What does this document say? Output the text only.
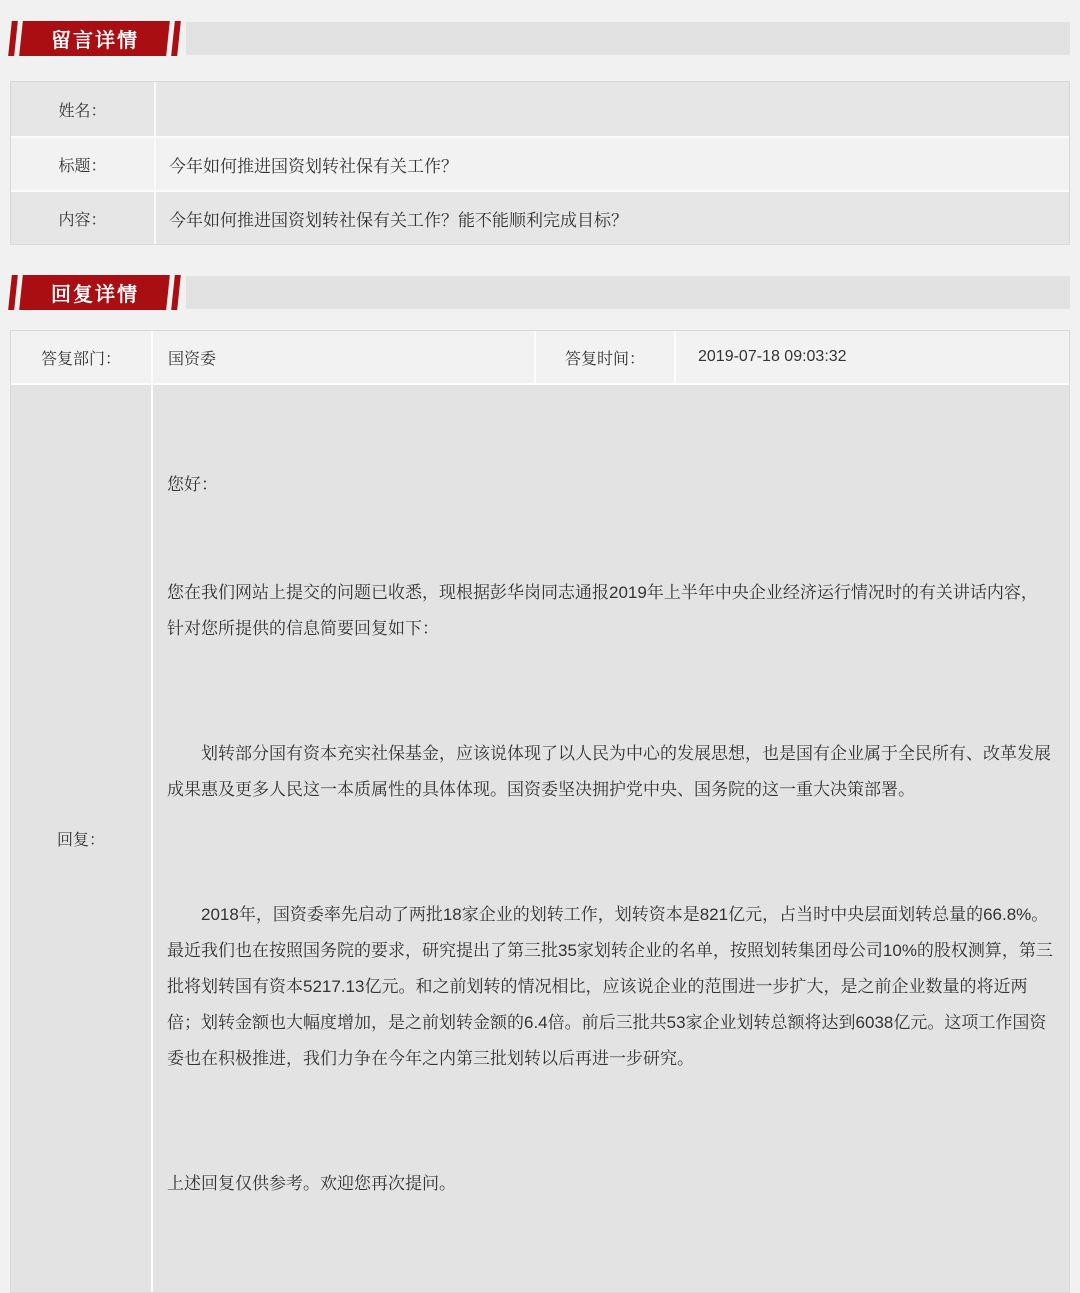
留言详情
姓名：
标题：	今年如何推进国资划转社保有关工作？
内容：	今年如何推进国资划转社保有关工作？能不能顺利完成目标？
回复详情
答复部门：	国资委	答复时间：	2019-07-18 09:03:32
回复：

您好：

您在我们网站上提交的问题已收悉，现根据彭华岗同志通报2019年上半年中央企业经济运行情况时的有关讲话内容，针对您所提供的信息简要回复如下：

　　划转部分国有资本充实社保基金，应该说体现了以人民为中心的发展思想，也是国有企业属于全民所有、改革发展成果惠及更多人民这一本质属性的具体体现。国资委坚决拥护党中央、国务院的这一重大决策部署。

　　2018年，国资委率先启动了两批18家企业的划转工作，划转资本是821亿元，占当时中央层面划转总量的66.8%。最近我们也在按照国务院的要求，研究提出了第三批35家划转企业的名单，按照划转集团母公司10%的股权测算，第三批将划转国有资本5217.13亿元。和之前划转的情况相比，应该说企业的范围进一步扩大，是之前企业数量的将近两倍；划转金额也大幅度增加，是之前划转金额的6.4倍。前后三批共53家企业划转总额将达到6038亿元。这项工作国资委也在积极推进，我们力争在今年之内第三批划转以后再进一步研究。

上述回复仅供参考。欢迎您再次提问。
